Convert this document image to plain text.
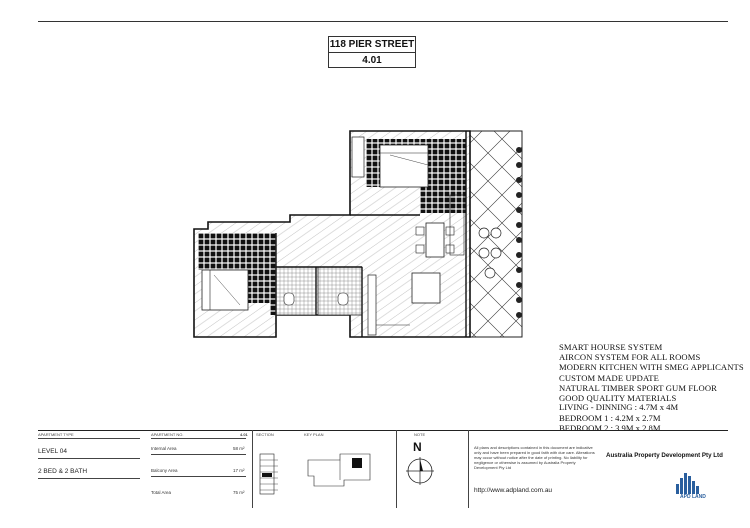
118 PIER STREET
4.01
SMART HOURSE SYSTEM
AIRCON SYSTEM FOR ALL ROOMS
MODERN KITCHEN WITH SMEG APPLICANTS
CUSTOM MADE UPDATE
NATURAL TIMBER SPORT GUM FLOOR
GOOD QUALITY MATERIALS
LIVING - DINNING : 4.7M x 4M
BEDROOM 1 : 4.2M x 2.7M
BEDROOM 2 : 3.9M x 2.8M
APARTMENT TYPE
LEVEL 04
2 BED & 2 BATH
APARTMENT NO.	4.01
Internal Area	58 m²
Balcony Area	17 m²
Total Area	75 m²
SECTION	KEY PLAN	NOTE
N	All plans and descriptions contained in this document are indicative only and have been prepared in good faith with due care. Alterations may occur without notice after the date of printing. No liability for negligence or otherwise is assumed by Australia Property Development Pty Ltd
Australia Property Development Pty Ltd
http://www.adpland.com.au
APD LAND
